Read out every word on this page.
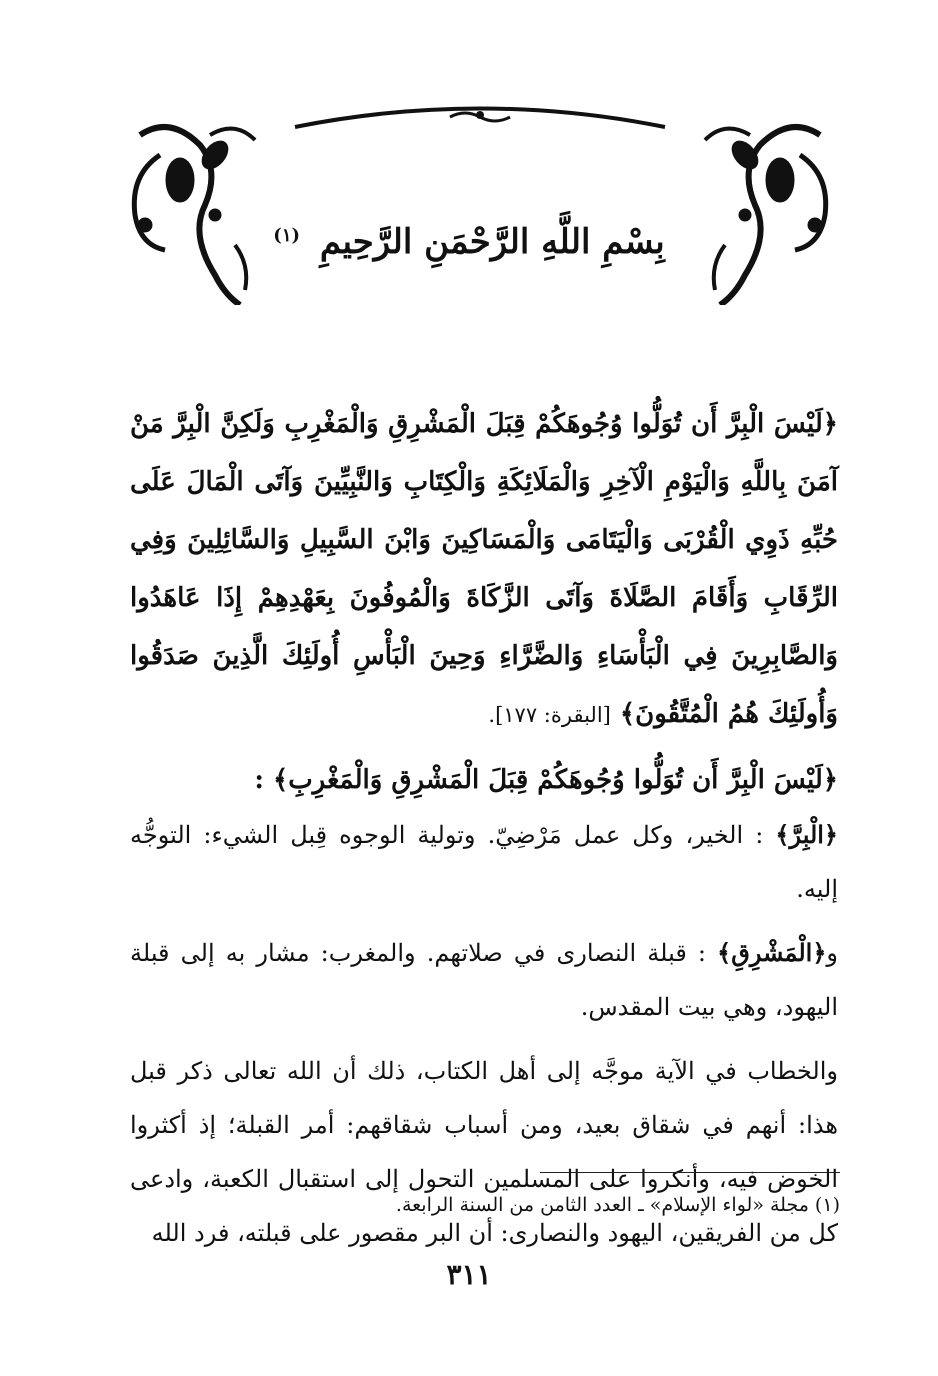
بِسْمِ اللَّهِ الرَّحْمَنِ الرَّحِيمِ $^{(١)}$

﴿لَيْسَ الْبِرَّ أَن تُوَلُّوا وُجُوهَكُمْ قِبَلَ الْمَشْرِقِ وَالْمَغْرِبِ وَلَكِنَّ الْبِرَّ مَنْ آمَنَ بِاللَّهِ وَالْيَوْمِ الْآخِرِ وَالْمَلَائِكَةِ وَالْكِتَابِ وَالنَّبِيِّينَ وَآتَى الْمَالَ عَلَى حُبِّهِ ذَوِي الْقُرْبَى وَالْيَتَامَى وَالْمَسَاكِينَ وَابْنَ السَّبِيلِ وَالسَّائِلِينَ وَفِي الرِّقَابِ وَأَقَامَ الصَّلَاةَ وَآتَى الزَّكَاةَ وَالْمُوفُونَ بِعَهْدِهِمْ إِذَا عَاهَدُوا وَالصَّابِرِينَ فِي الْبَأْسَاءِ وَالضَّرَّاءِ وَحِينَ الْبَأْسِ أُولَئِكَ الَّذِينَ صَدَقُوا وَأُولَئِكَ هُمُ الْمُتَّقُونَ﴾ [البقرة: ١٧٧].

﴿لَيْسَ الْبِرَّ أَن تُوَلُّوا وُجُوهَكُمْ قِبَلَ الْمَشْرِقِ وَالْمَغْرِبِ﴾ :

﴿الْبِرَّ﴾ : الخير، وكل عمل مَرْضِيّ. وتولية الوجوه قِبل الشيء: التوجُّه إليه.

و﴿الْمَشْرِقِ﴾ : قبلة النصارى في صلاتهم. والمغرب: مشار به إلى قبلة اليهود، وهي بيت المقدس.

والخطاب في الآية موجَّه إلى أهل الكتاب، ذلك أن الله تعالى ذكر قبل هذا: أنهم في شقاق بعيد، ومن أسباب شقاقهم: أمر القبلة؛ إذ أكثروا الخوض فيه، وأنكروا على المسلمين التحول إلى استقبال الكعبة، وادعى كل من الفريقين، اليهود والنصارى: أن البر مقصور على قبلته، فرد الله

(١) مجلة «لواء الإسلام» ـ العدد الثامن من السنة الرابعة.
٣١١
